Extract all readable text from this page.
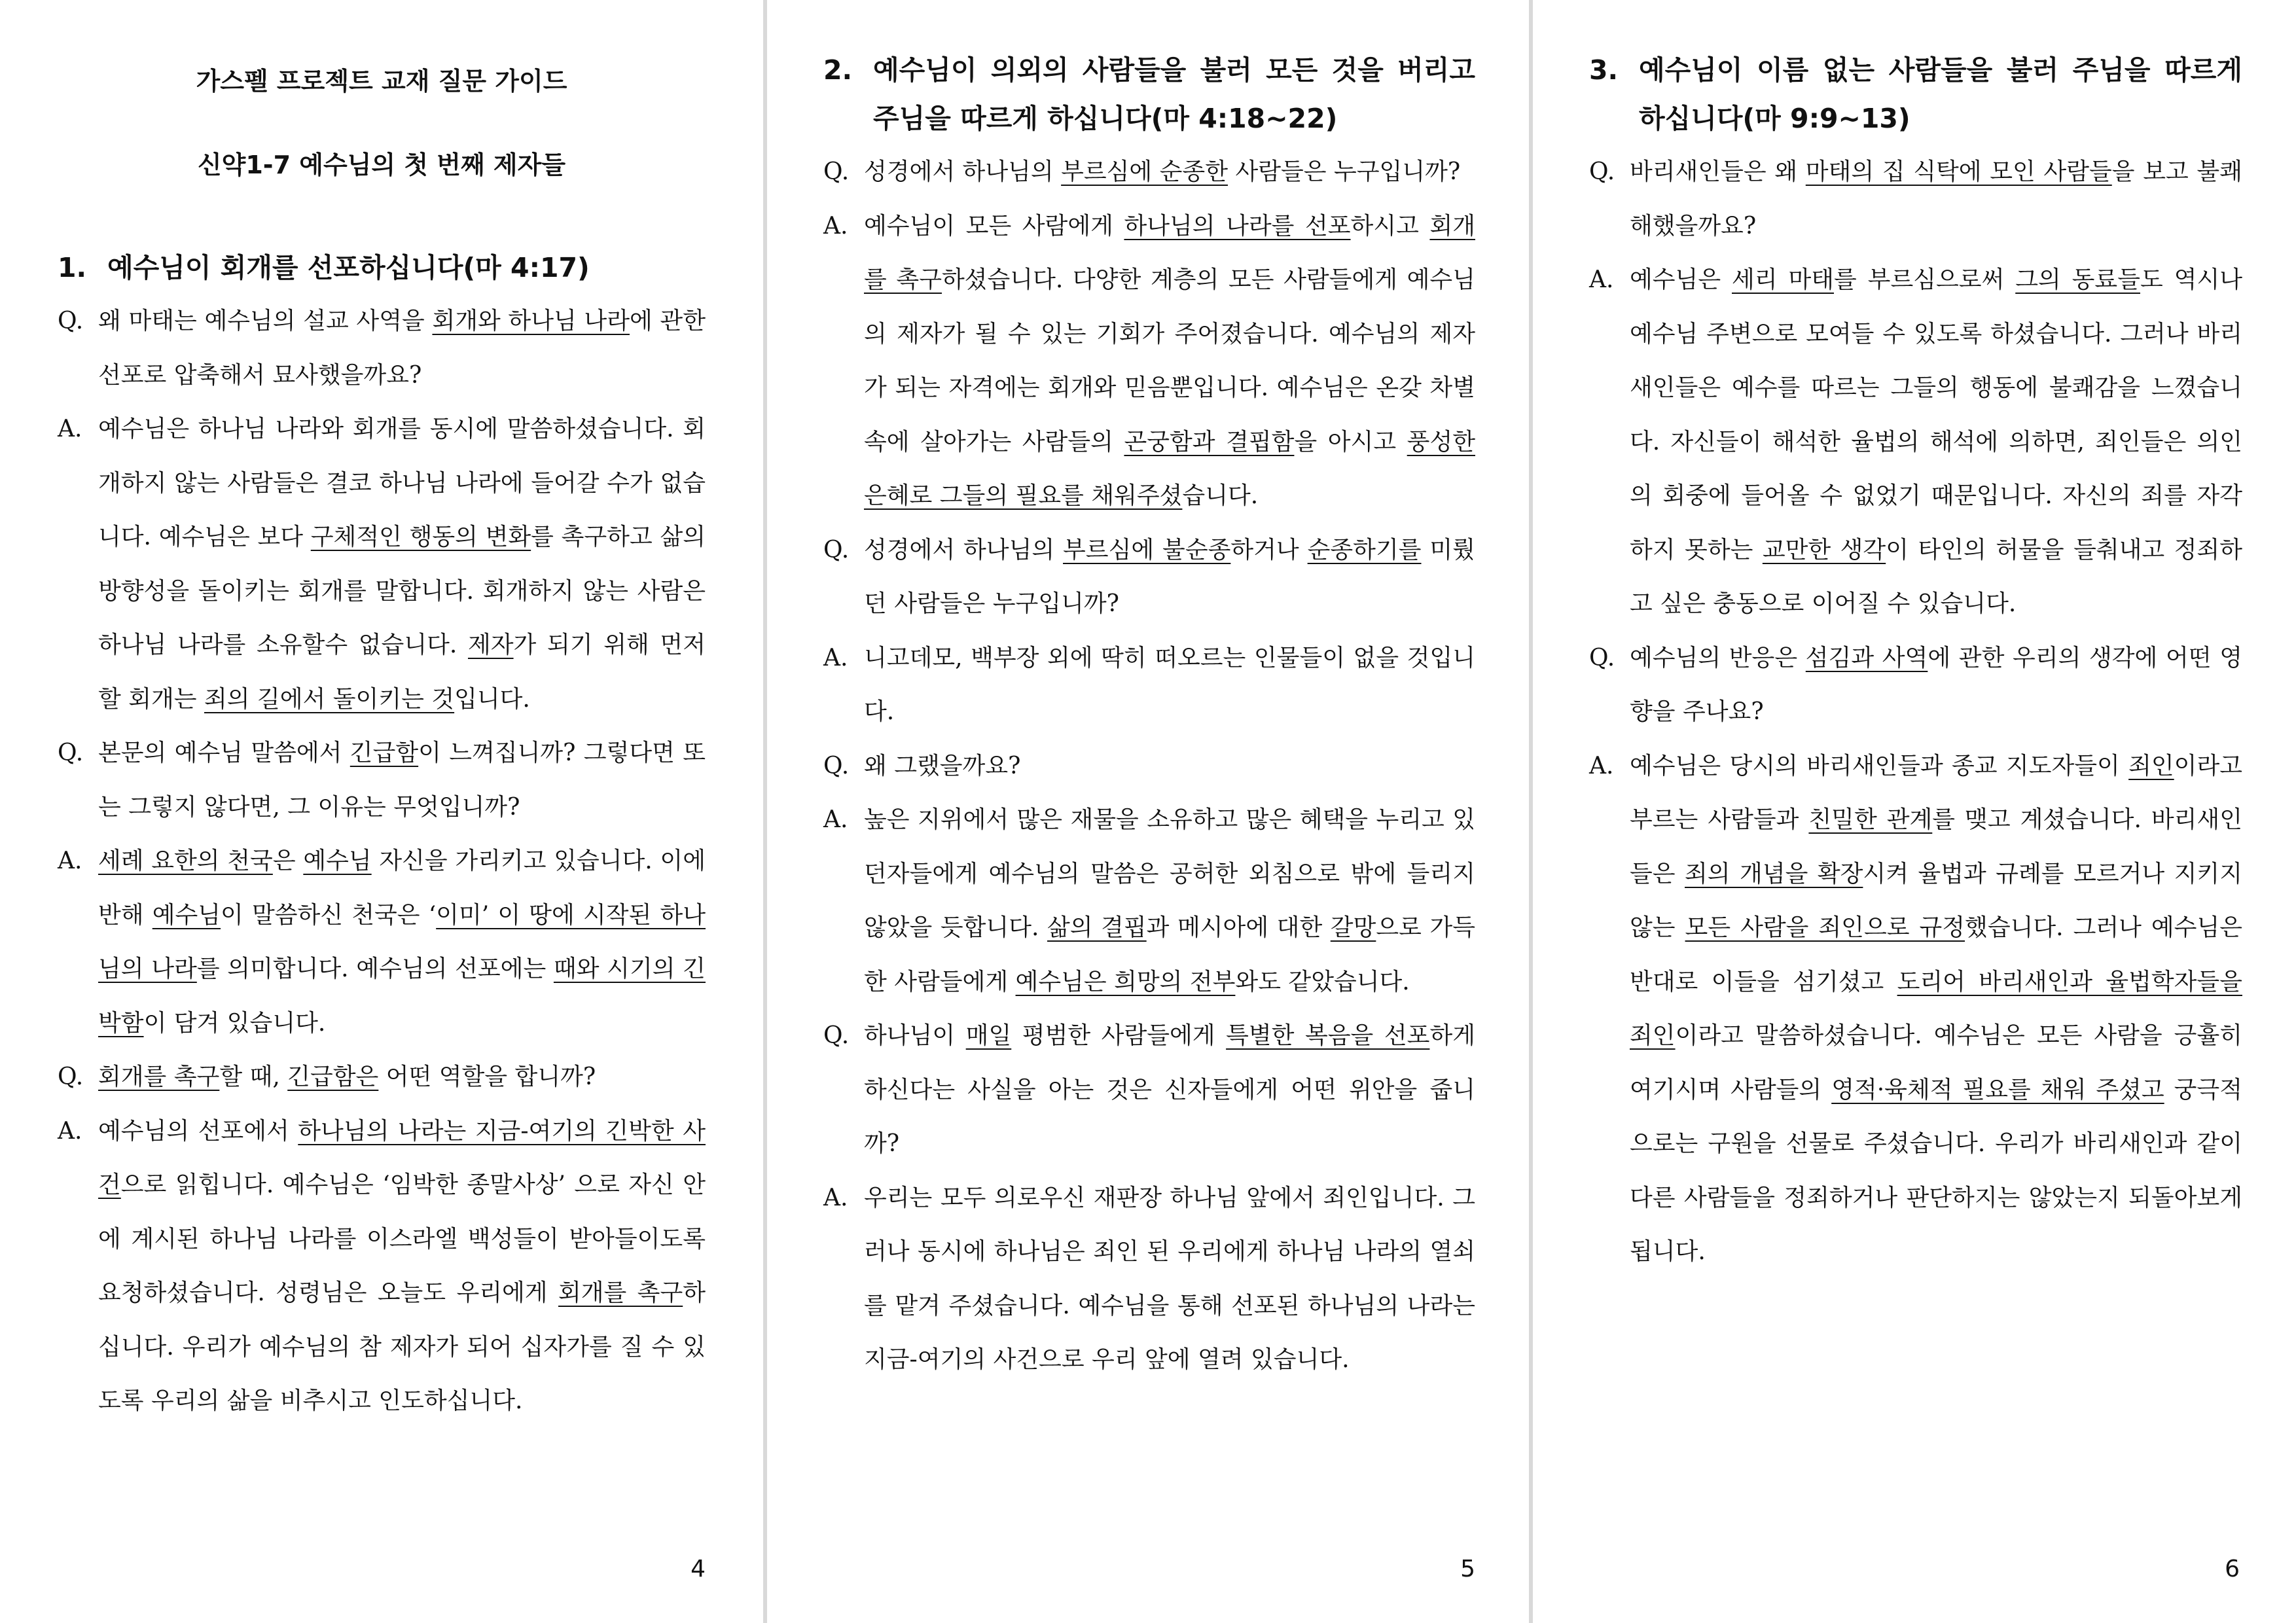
가스펠 프로젝트 교재 질문 가이드
신약1-7 예수님의 첫 번째 제자들
1. 예수님이 회개를 선포하십니다(마 4:17)
Q. 왜 마태는 예수님의 설교 사역을 회개와 하나님 나라에 관한 선포로 압축해서 묘사했을까요?
A. 예수님은 하나님 나라와 회개를 동시에 말씀하셨습니다. 회개하지 않는 사람들은 결코 하나님 나라에 들어갈 수가 없습니다. 예수님은 보다 구체적인 행동의 변화를 촉구하고 삶의 방향성을 돌이키는 회개를 말합니다. 회개하지 않는 사람은 하나님 나라를 소유할수 없습니다. 제자가 되기 위해 먼저 할 회개는 죄의 길에서 돌이키는 것입니다.
Q. 본문의 예수님 말씀에서 긴급함이 느껴집니까? 그렇다면 또는 그렇지 않다면, 그 이유는 무엇입니까?
A. 세례 요한의 천국은 예수님 자신을 가리키고 있습니다. 이에 반해 예수님이 말씀하신 천국은 ‘이미’ 이 땅에 시작된 하나님의 나라를 의미합니다. 예수님의 선포에는 때와 시기의 긴박함이 담겨 있습니다.
Q. 회개를 촉구할 때, 긴급함은 어떤 역할을 합니까?
A. 예수님의 선포에서 하나님의 나라는 지금-여기의 긴박한 사건으로 읽힙니다. 예수님은 ‘임박한 종말사상’ 으로 자신 안에 계시된 하나님 나라를 이스라엘 백성들이 받아들이도록 요청하셨습니다. 성령님은 오늘도 우리에게 회개를 촉구하십니다. 우리가 예수님의 참 제자가 되어 십자가를 질 수 있도록 우리의 삶을 비추시고 인도하십니다.
4
2. 예수님이 의외의 사람들을 불러 모든 것을 버리고 주님을 따르게 하십니다(마 4:18~22)
Q. 성경에서 하나님의 부르심에 순종한 사람들은 누구입니까?
A. 예수님이 모든 사람에게 하나님의 나라를 선포하시고 회개를 촉구하셨습니다. 다양한 계층의 모든 사람들에게 예수님의 제자가 될 수 있는 기회가 주어졌습니다. 예수님의 제자가 되는 자격에는 회개와 믿음뿐입니다. 예수님은 온갖 차별 속에 살아가는 사람들의 곤궁함과 결핍함을 아시고 풍성한 은혜로 그들의 필요를 채워주셨습니다.
Q. 성경에서 하나님의 부르심에 불순종하거나 순종하기를 미뤘던 사람들은 누구입니까?
A. 니고데모, 백부장 외에 딱히 떠오르는 인물들이 없을 것입니다.
Q. 왜 그랬을까요?
A. 높은 지위에서 많은 재물을 소유하고 많은 혜택을 누리고 있던자들에게 예수님의 말씀은 공허한 외침으로 밖에 들리지 않았을 듯합니다. 삶의 결핍과 메시아에 대한 갈망으로 가득한 사람들에게 예수님은 희망의 전부와도 같았습니다.
Q. 하나님이 매일 평범한 사람들에게 특별한 복음을 선포하게 하신다는 사실을 아는 것은 신자들에게 어떤 위안을 줍니까?
A. 우리는 모두 의로우신 재판장 하나님 앞에서 죄인입니다. 그러나 동시에 하나님은 죄인 된 우리에게 하나님 나라의 열쇠를 맡겨 주셨습니다. 예수님을 통해 선포된 하나님의 나라는 지금-여기의 사건으로 우리 앞에 열려 있습니다.
5
3. 예수님이 이름 없는 사람들을 불러 주님을 따르게 하십니다(마 9:9~13)
Q. 바리새인들은 왜 마태의 집 식탁에 모인 사람들을 보고 불쾌해했을까요?
A. 예수님은 세리 마태를 부르심으로써 그의 동료들도 역시나 예수님 주변으로 모여들 수 있도록 하셨습니다. 그러나 바리새인들은 예수를 따르는 그들의 행동에 불쾌감을 느꼈습니다. 자신들이 해석한 율법의 해석에 의하면, 죄인들은 의인의 회중에 들어올 수 없었기 때문입니다. 자신의 죄를 자각하지 못하는 교만한 생각이 타인의 허물을 들춰내고 정죄하고 싶은 충동으로 이어질 수 있습니다.
Q. 예수님의 반응은 섬김과 사역에 관한 우리의 생각에 어떤 영향을 주나요?
A. 예수님은 당시의 바리새인들과 종교 지도자들이 죄인이라고 부르는 사람들과 친밀한 관계를 맺고 계셨습니다. 바리새인들은 죄의 개념을 확장시켜 율법과 규례를 모르거나 지키지 않는 모든 사람을 죄인으로 규정했습니다. 그러나 예수님은 반대로 이들을 섬기셨고 도리어 바리새인과 율법학자들을 죄인이라고 말씀하셨습니다. 예수님은 모든 사람을 긍휼히 여기시며 사람들의 영적·육체적 필요를 채워 주셨고 궁극적으로는 구원을 선물로 주셨습니다. 우리가 바리새인과 같이다른 사람들을 정죄하거나 판단하지는 않았는지 되돌아보게 됩니다.
6
